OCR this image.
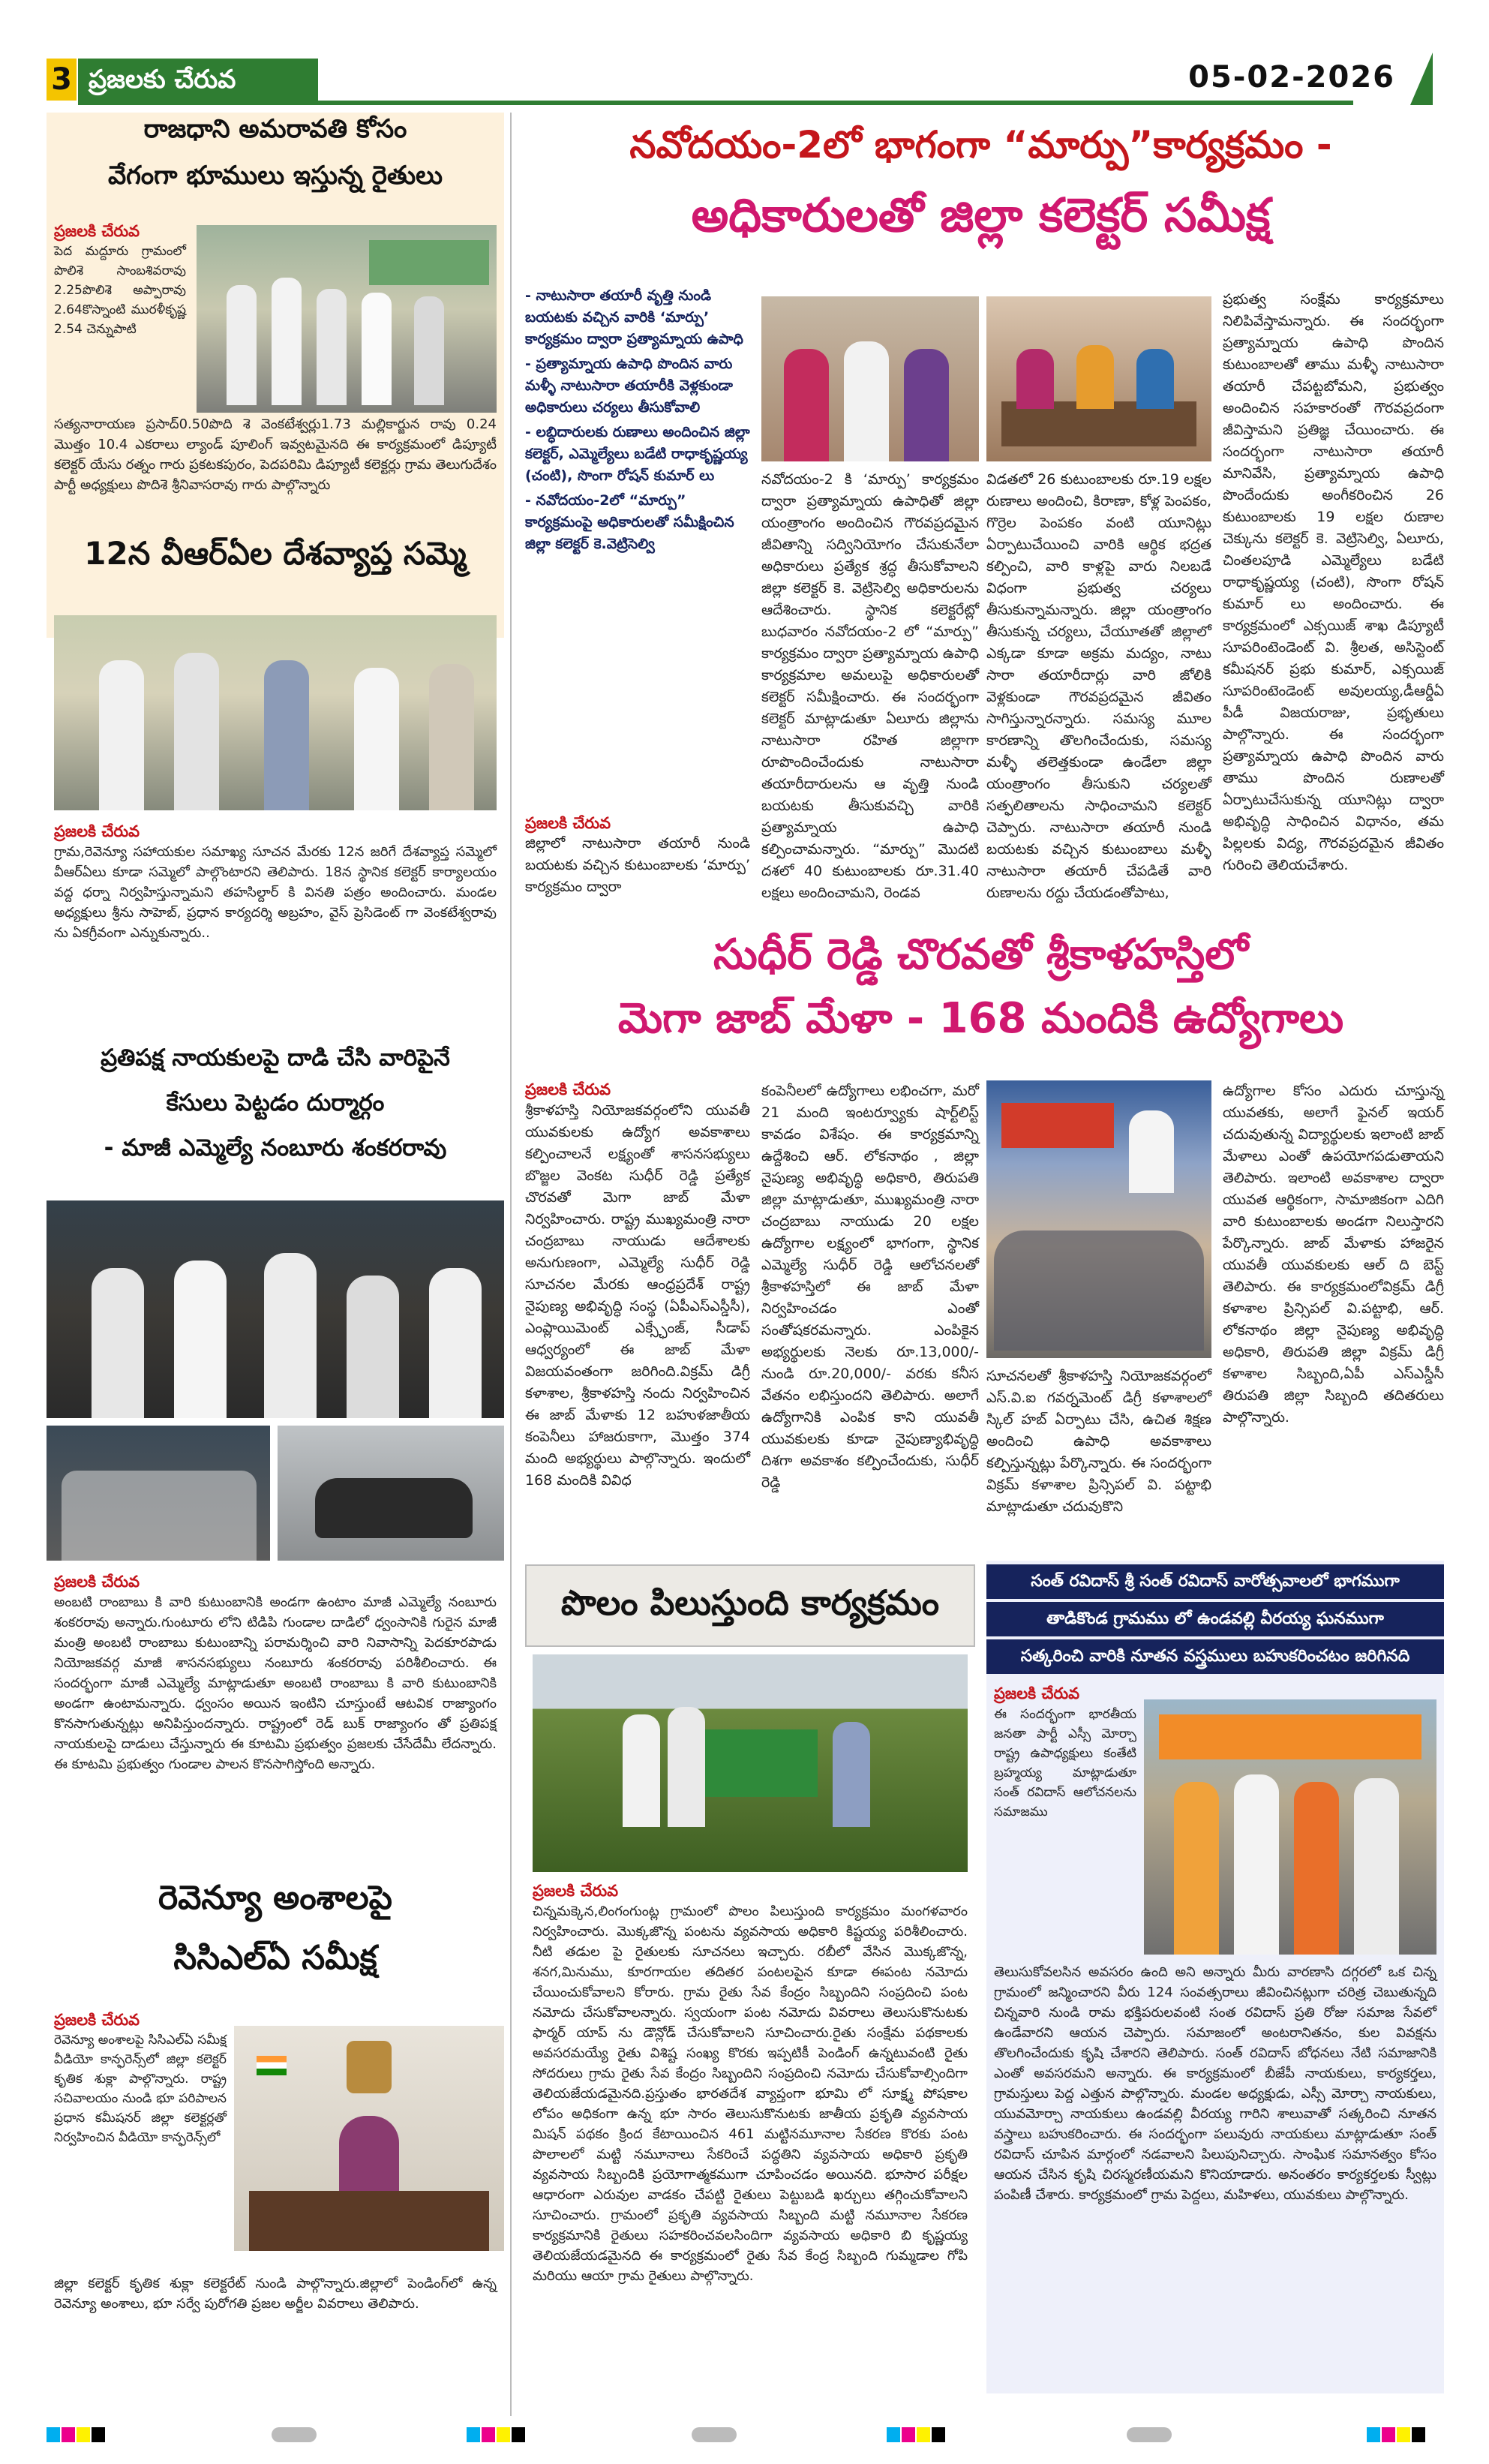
3 ప్రజలకు చేరువ	05-02-2026
రాజధాని అమరావతి కోసం
వేగంగా భూములు ఇస్తున్న రైతులు
ప్రజలకి చేరువ
పెద మద్దూరు గ్రామంలో పొలిశె సాంబశివరావు 2.25పొలిశె అప్పారావు 2.64కొస్నాంటి మురళీకృష్ణ 2.54 చెన్నుపాటి
సత్యనారాయణ ప్రసాద్0.50పొది శె వెంకటేశ్వర్లు1.73 మల్లికార్జున రావు 0.24 మొత్తం 10.4 ఎకరాలు ల్యాండ్ పూలింగ్ ఇవ్వటమైనది ఈ కార్యక్రమంలో డిప్యూటీ కలెక్టర్ యేసు రత్నం గారు ప్రకటకపురం, పెదపరిమి డిప్యూటీ కలెక్టర్లు గ్రామ తెలుగుదేశం పార్టీ అధ్యక్షులు పొదిశె శ్రీనివాసరావు గారు పాల్గొన్నారు
12న వీఆర్ఏల దేశవ్యాప్త సమ్మె
ప్రజలకి చేరువ
గ్రామ,రెవెన్యూ సహాయకుల సమాఖ్య సూచన మేరకు 12న జరిగే దేశవ్యాప్త సమ్మెలో వీఆర్ఏలు కూడా సమ్మెలో పాల్గొంటారని తెలిపారు. 18న స్థానిక కలెక్టర్ కార్యాలయం వద్ద ధర్నా నిర్వహిస్తున్నామని తహసిల్దార్ కి వినతి పత్రం అందించారు. మండల అధ్యక్షులు శ్రీను సాహెబ్, ప్రధాన కార్యదర్శి అబ్రహం, వైస్ ప్రెసిడెంట్ గా వెంకటేశ్వరావు ను ఏకగ్రీవంగా ఎన్నుకున్నారు..
ప్రతిపక్ష నాయకులపై దాడి చేసి వారిపైనే
కేసులు పెట్టడం దుర్మార్గం
- మాజీ ఎమ్మెల్యే నంబూరు శంకరరావు
ప్రజలకి చేరువ
అంబటి రాంబాబు కి వారి కుటుంబానికి అండగా ఉంటాం మాజీ ఎమ్మెల్యే నంబూరు శంకరరావు అన్నారు.గుంటూరు లోని టిడిపి గుండాల దాడిలో ధ్వంసానికి గురైన మాజీ మంత్రి అంబటి రాంబాబు కుటుంబాన్ని పరామర్శించి వారి నివాసాన్ని పెదకూరపాడు నియోజకవర్గ మాజీ శాసనసభ్యులు నంబూరు శంకరరావు పరిశీలించారు. ఈ సందర్భంగా మాజీ ఎమ్మెల్యే మాట్లాడుతూ అంబటి రాంబాబు కి వారి కుటుంబానికి అండగా ఉంటామన్నారు. ధ్వంసం అయిన ఇంటిని చూస్తుంటే ఆటవిక రాజ్యాంగం కొనసాగుతున్నట్లు అనిపిస్తుందన్నారు. రాష్ట్రంలో రెడ్ బుక్ రాజ్యాంగం తో ప్రతిపక్ష నాయకులపై దాడులు చేస్తున్నారు ఈ కూటమి ప్రభుత్వం ప్రజలకు చేసేదేమీ లేదన్నారు. ఈ కూటమి ప్రభుత్వం గుండాల పాలన కొనసాగిస్తోంది అన్నారు.
రెవెన్యూ అంశాలపై
సిసిఎల్ఏ సమీక్ష
ప్రజలకి చేరువ
రెవెన్యూ అంశాలపై సిసిఎల్ఏ సమీక్ష వీడియో కాన్ఫరెన్స్‌లో జిల్లా కలెక్టర్ కృతిక శుక్లా పాల్గొన్నారు. రాష్ట్ర సచివాలయం నుండి భూ పరిపాలన ప్రధాన కమీషనర్ జిల్లా కలెక్టర్లతో నిర్వహించిన వీడియో కాన్ఫరెన్స్‌లో
జిల్లా కలెక్టర్ కృతిక శుక్లా కలెక్టరేట్ నుండి పాల్గొన్నారు.జిల్లాలో పెండింగ్‌లో ఉన్న రెవెన్యూ అంశాలు, భూ సర్వే పురోగతి ప్రజల అర్జీల వివరాలు తెలిపారు.
నవోదయం-2లో భాగంగా “మార్పు”కార్యక్రమం -
అధికారులతో జిల్లా కలెక్టర్ సమీక్ష
- నాటుసారా తయారీ వృత్తి నుండి బయటకు వచ్చిన వారికి ‘మార్పు’ కార్యక్రమం ద్వారా ప్రత్యామ్నాయ ఉపాధి
- ప్రత్యామ్నాయ ఉపాధి పొందిన వారు మళ్ళీ నాటుసారా తయారీకి వెళ్లకుండా అధికారులు చర్యలు తీసుకోవాలి
- లబ్ధిదారులకు రుణాలు అందించిన జిల్లా కలెక్టర్, ఎమ్మెల్యేలు బడేటి రాధాకృష్ణయ్య (చంటి), సొంగా రోషన్ కుమార్ లు
- నవోదయం-2లో “మార్పు” కార్యక్రమంపై అధికారులతో సమీక్షించిన జిల్లా కలెక్టర్ కె.వెట్రిసెల్వి
ప్రజలకి చేరువ
జిల్లాలో నాటుసారా తయారీ నుండి బయటకు వచ్చిన కుటుంబాలకు ‘మార్పు’ కార్యక్రమం ద్వారా
నవోదయం-2 కి ‘మార్పు’ కార్యక్రమం ద్వారా ప్రత్యామ్నాయ ఉపాధితో జిల్లా యంత్రాంగం అందించిన గౌరవప్రదమైన జీవితాన్ని సద్వినియోగం చేసుకునేలా అధికారులు ప్రత్యేక శ్రద్ధ తీసుకోవాలని జిల్లా కలెక్టర్ కె. వెట్రిసెల్వి అధికారులను ఆదేశించారు. స్థానిక కలెక్టరేట్లో బుధవారం నవోదయం-2 లో “మార్పు” కార్యక్రమం ద్వారా ప్రత్యామ్నాయ ఉపాధి కార్యక్రమాల అమలుపై అధికారులతో కలెక్టర్ సమీక్షించారు. ఈ సందర్భంగా కలెక్టర్ మాట్లాడుతూ ఏలూరు జిల్లాను నాటుసారా రహిత జిల్లాగా రూపొందించేందుకు నాటుసారా తయారీదారులను ఆ వృత్తి నుండి బయటకు తీసుకువచ్చి వారికి ప్రత్యామ్నాయ ఉపాధి కల్పించామన్నారు. “మార్పు” మొదటి దశలో 40 కుటుంబాలకు రూ.31.40 లక్షలు అందించామని, రెండవ
విడతలో 26 కుటుంబాలకు రూ.19 లక్షల రుణాలు అందించి, కిరాణా, కోళ్ల పెంపకం, గొర్రెల పెంపకం వంటి యూనిట్లు ఏర్పాటుచేయించి వారికి ఆర్థిక భద్రత కల్పించి, వారి కాళ్లపై వారు నిలబడే విధంగా ప్రభుత్వ చర్యలు తీసుకున్నామన్నారు. జిల్లా యంత్రాంగం తీసుకున్న చర్యలు, చేయూతతో జిల్లాలో ఎక్కడా కూడా అక్రమ మద్యం, నాటు సారా తయారీదార్లు వారి జోలికి వెళ్లకుండా గౌరవప్రదమైన జీవితం సాగిస్తున్నారన్నారు. సమస్య మూల కారణాన్ని తొలగించేందుకు, సమస్య మళ్ళీ తలెత్తకుండా ఉండేలా జిల్లా యంత్రాంగం తీసుకుని చర్యలతో సత్ఫలితాలను సాధించామని కలెక్టర్ చెప్పారు. నాటుసారా తయారీ నుండి బయటకు వచ్చిన కుటుంబాలు మళ్ళీ నాటుసారా తయారీ చేపడితే వారి రుణాలను రద్దు చేయడంతోపాటు,
ప్రభుత్వ సంక్షేమ కార్యక్రమాలు నిలిపివేస్తామన్నారు. ఈ సందర్భంగా ప్రత్యామ్నాయ ఉపాధి పొందిన కుటుంబాలతో తాము మళ్ళీ నాటుసారా తయారీ చేపట్టబోమని, ప్రభుత్వం అందించిన సహకారంతో గౌరవప్రదంగా జీవిస్తామని ప్రతిజ్ఞ చేయించారు. ఈ సందర్భంగా నాటుసారా తయారీ మానివేసి, ప్రత్యామ్నాయ ఉపాధి పొందేందుకు అంగీకరించిన 26 కుటుంబాలకు 19 లక్షల రుణాల చెక్కును కలెక్టర్ కె. వెట్రిసెల్వి, ఏలూరు, చింతలపూడి ఎమ్మెల్యేలు బడేటి రాధాకృష్ణయ్య (చంటి), సొంగా రోషన్ కుమార్ లు అందించారు. ఈ కార్యక్రమంలో ఎక్సయిజ్ శాఖ డిప్యూటీ సూపరింటెండెంట్ వి. శ్రీలత, అసిస్టెంట్ కమీషనర్ ప్రభు కుమార్, ఎక్సయిజ్ సూపరింటెండెంట్ అవులయ్య,డీఆర్డీఏ పీడీ విజయరాజు, ప్రభృతులు పాల్గొన్నారు. ఈ సందర్భంగా ప్రత్యామ్నాయ ఉపాధి పొందిన వారు తాము పొందిన రుణాలతో ఏర్పాటుచేసుకున్న యూనిట్లు ద్వారా అభివృద్ధి సాధించిన విధానం, తమ పిల్లలకు విద్య, గౌరవప్రదమైన జీవితం గురించి తెలియచేశారు.
సుధీర్ రెడ్డి చొరవతో శ్రీకాళహస్తిలో
మెగా జాబ్ మేళా - 168 మందికి ఉద్యోగాలు
ప్రజలకి చేరువ
శ్రీకాళహస్తి నియోజకవర్గంలోని యువతీ యువకులకు ఉద్యోగ అవకాశాలు కల్పించాలనే లక్ష్యంతో శాసనసభ్యులు బొజ్జల వెంకట సుధీర్ రెడ్డి ప్రత్యేక చొరవతో మెగా జాబ్ మేళా నిర్వహించారు. రాష్ట్ర ముఖ్యమంత్రి నారా చంద్రబాబు నాయుడు ఆదేశాలకు అనుగుణంగా, ఎమ్మెల్యే సుధీర్ రెడ్డి సూచనల మేరకు ఆంధ్రప్రదేశ్ రాష్ట్ర నైపుణ్య అభివృద్ధి సంస్థ (ఏపీఎస్ఎస్డీసీ), ఎంప్లాయిమెంట్ ఎక్స్ఛేంజ్, సీడాప్ ఆధ్వర్యంలో ఈ జాబ్ మేళా విజయవంతంగా జరిగింది.విక్రమ్ డిగ్రీ కళాశాల, శ్రీకాళహస్తి నందు నిర్వహించిన ఈ జాబ్ మేళాకు 12 బహుళజాతీయ కంపెనీలు హాజరుకాగా, మొత్తం 374 మంది అభ్యర్థులు పాల్గొన్నారు. ఇందులో 168 మందికి వివిధ
కంపెనీలలో ఉద్యోగాలు లభించగా, మరో 21 మంది ఇంటర్వ్యూకు షార్ట్‌లిస్ట్ కావడం విశేషం. ఈ కార్యక్రమాన్ని ఉద్దేశించి ఆర్. లోకనాథం , జిల్లా నైపుణ్య అభివృద్ధి అధికారి, తిరుపతి జిల్లా మాట్లాడుతూ, ముఖ్యమంత్రి నారా చంద్రబాబు నాయుడు 20 లక్షల ఉద్యోగాల లక్ష్యంలో భాగంగా, స్థానిక ఎమ్మెల్యే సుధీర్ రెడ్డి ఆలోచనలతో శ్రీకాళహస్తిలో ఈ జాబ్ మేళా నిర్వహించడం ఎంతో సంతోషకరమన్నారు. ఎంపికైన అభ్యర్థులకు నెలకు రూ.13,000/- నుండి రూ.20,000/- వరకు కనీస వేతనం లభిస్తుందని తెలిపారు. అలాగే ఉద్యోగానికి ఎంపిక కాని యువతీ యువకులకు కూడా నైపుణ్యాభివృద్ధి దిశగా అవకాశం కల్పించేందుకు, సుధీర్ రెడ్డి
సూచనలతో శ్రీకాళహస్తి నియోజకవర్గంలో ఎస్.వి.ఐ గవర్నమెంట్ డిగ్రీ కళాశాలలో స్కిల్ హబ్ ఏర్పాటు చేసి, ఉచిత శిక్షణ అందించి ఉపాధి అవకాశాలు కల్పిస్తున్నట్లు పేర్కొన్నారు. ఈ సందర్భంగా విక్రమ్ కళాశాల ప్రిన్సిపల్ వి. పట్టాభి మాట్లాడుతూ చదువుకొని
ఉద్యోగాల కోసం ఎదురు చూస్తున్న యువతకు, అలాగే ఫైనల్ ఇయర్ చదువుతున్న విద్యార్థులకు ఇలాంటి జాబ్ మేళాలు ఎంతో ఉపయోగపడుతాయని తెలిపారు. ఇలాంటి అవకాశాల ద్వారా యువత ఆర్థికంగా, సామాజికంగా ఎదిగి వారి కుటుంబాలకు అండగా నిలుస్తారని పేర్కొన్నారు. జాబ్ మేళాకు హాజరైన యువతీ యువకులకు ఆల్ ది బెస్ట్ తెలిపారు. ఈ కార్యక్రమంలోవిక్రమ్ డిగ్రీ కళాశాల ప్రిన్సిపల్ వి.పట్టాభి, ఆర్. లోకనాథం జిల్లా నైపుణ్య అభివృద్ధి అధికారి, తిరుపతి జిల్లా విక్రమ్ డిగ్రీ కళాశాల సిబ్బంది,ఏపీ ఎస్ఎస్డీసీ తిరుపతి జిల్లా సిబ్బంది తదితరులు పాల్గొన్నారు.
పొలం పిలుస్తుంది కార్యక్రమం
ప్రజలకి చేరువ
చిన్నమక్కెన,లింగంగుంట్ల గ్రామంలో పొలం పిలుస్తుంది కార్యక్రమం మంగళవారం నిర్వహించారు. మొక్కజొన్న పంటను వ్యవసాయ అధికారి కిష్టయ్య పరిశీలించారు. నీటి తడుల పై రైతులకు సూచనలు ఇచ్చారు. రబీలో వేసిన మొక్కజొన్న, శనగ,మినుము, కూరగాయల తదితర పంటలపైన కూడా ఈపంట నమోదు చేయించుకోవాలని కోరారు. గ్రామ రైతు సేవ కేంద్రం సిబ్బందిని సంప్రదించి పంట నమోదు చేసుకోవాలన్నారు. స్వయంగా పంట నమోదు వివరాలు తెలుసుకొనుటకు ఫార్మర్ యాప్ ను డౌన్లోడ్ చేసుకోవాలని సూచించారు.రైతు సంక్షేమ పథకాలకు అవసరమయ్యే రైతు విశిష్ట సంఖ్య కొరకు ఇప్పటికీ పెండింగ్ ఉన్నటువంటి రైతు సోదరులు గ్రామ రైతు సేవ కేంద్రం సిబ్బందిని సంప్రదించి నమోదు చేసుకోవాల్సిందిగా తెలియజేయడమైనది.ప్రస్తుతం భారతదేశ వ్యాప్తంగా భూమి లో సూక్ష్మ పోషకాల లోపం అధికంగా ఉన్న భూ సారం తెలుసుకొనుటకు జాతీయ ప్రకృతి వ్యవసాయ మిషన్ పథకం క్రింద కేటాయించిన 461 మట్టినమూనాల సేకరణ కొరకు పంట పొలాలలో మట్టి నమూనాలు సేకరించే పద్ధతిని వ్యవసాయ అధికారి ప్రకృతి వ్యవసాయ సిబ్బందికి ప్రయోగాత్మకముగా చూపించడం అయినది. భూసార పరీక్షల ఆధారంగా ఎరువుల వాడకం చేపట్టి రైతులు పెట్టుబడి ఖర్చులు తగ్గించుకోవాలని సూచించారు. గ్రామంలో ప్రకృతి వ్యవసాయ సిబ్బంది మట్టి నమూనాల సేకరణ కార్యక్రమానికి రైతులు సహకరించవలసిందిగా వ్యవసాయ అధికారి బి కృష్ణయ్య తెలియజేయడమైనది ఈ కార్యక్రమంలో రైతు సేవ కేంద్ర సిబ్బంది గుమ్మడాల గోపి మరియు ఆయా గ్రామ రైతులు పాల్గొన్నారు.
సంత్ రవిదాస్ శ్రీ సంత్ రవిదాస్ వారోత్సవాలలో భాగముగా
తాడికొండ గ్రామము లో ఉండవల్లి వీరయ్య ఘనముగా
సత్కరించి వారికి నూతన వస్త్రములు బహుకరించటం జరిగినది
ప్రజలకి చేరువ
ఈ సందర్భంగా భారతీయ జనతా పార్టీ ఎస్సీ మోర్చా రాష్ట్ర ఉపాధ్యక్షులు కంతేటి బ్రహ్మయ్య మాట్లాడుతూ సంత్ రవిదాస్ ఆలోచనలను సమాజము
తెలుసుకోవలసిన అవసరం ఉంది అని అన్నారు మీరు వారణాసి దగ్గరలో ఒక చిన్న గ్రామంలో జన్మించారని వీరు 124 సంవత్సరాలు జీవించినట్లుగా చరిత్ర చెబుతున్నది చిన్నవారి నుండి రామ భక్తిపరులవంటి సంత రవిదాస్ ప్రతి రోజు సమాజ సేవలో ఉండేవారని ఆయన చెప్పారు. సమాజంలో అంటరానితనం, కుల వివక్షను తొలగించేందుకు కృషి చేశారని తెలిపారు. సంత్ రవిదాస్ బోధనలు నేటి సమాజానికి ఎంతో అవసరమని అన్నారు. ఈ కార్యక్రమంలో బీజేపీ నాయకులు, కార్యకర్తలు, గ్రామస్తులు పెద్ద ఎత్తున పాల్గొన్నారు. మండల అధ్యక్షుడు, ఎస్సీ మోర్చా నాయకులు, యువమోర్చా నాయకులు ఉండవల్లి వీరయ్య గారిని శాలువాతో సత్కరించి నూతన వస్త్రాలు బహుకరించారు. ఈ సందర్భంగా పలువురు నాయకులు మాట్లాడుతూ సంత్ రవిదాస్ చూపిన మార్గంలో నడవాలని పిలుపునిచ్చారు. సాంఘిక సమానత్వం కోసం ఆయన చేసిన కృషి చిరస్మరణీయమని కొనియాడారు. అనంతరం కార్యకర్తలకు స్వీట్లు పంపిణీ చేశారు. కార్యక్రమంలో గ్రామ పెద్దలు, మహిళలు, యువకులు పాల్గొన్నారు.
